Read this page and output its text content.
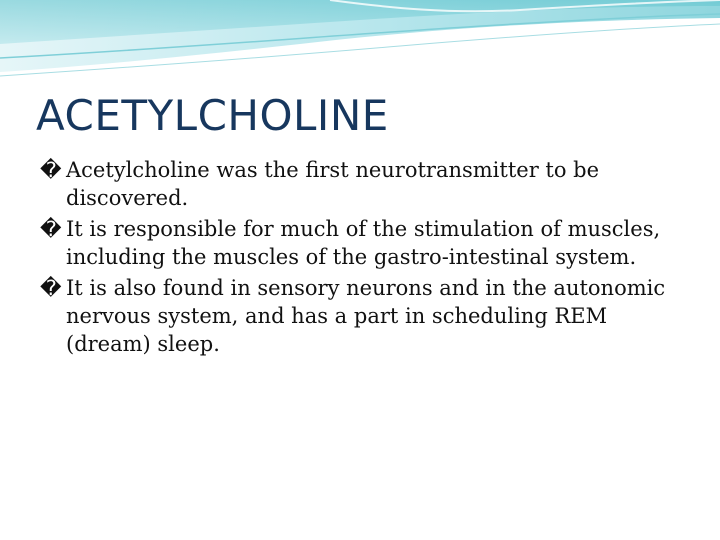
ACETYLCHOLINE
� Acetylcholine was the first neurotransmitter to be discovered.
� It is responsible for much of the stimulation of muscles, including the muscles of the gastro-intestinal system.
� It is also found in sensory neurons and in the autonomic nervous system, and has a part in scheduling REM (dream) sleep.
